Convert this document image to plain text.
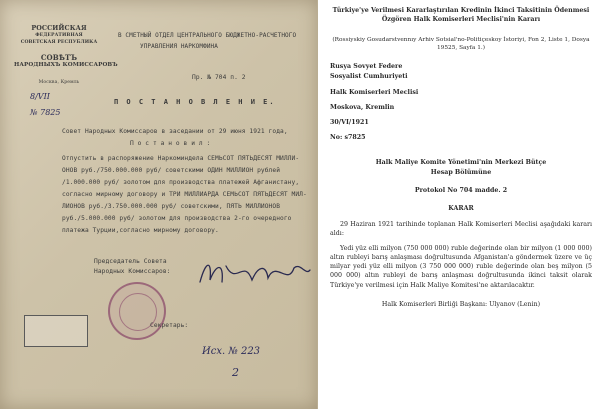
РОССИЙСКАЯ
ФЕДЕРАТИВНАЯ
СОВЕТСКАЯ РЕСПУБЛИКА
СОВѢТЪ
НАРОДНЫХЪ КОМИССАРОВЪ
Москва, Кремль
8/VII
№ 7825
В СМЕТНЫЙ ОТДЕЛ ЦЕНТРАЛЬНОГО БЮДЖЕТНО-РАСЧЕТНОГО
УПРАВЛЕНИЯ НАРКОМФИНА
Пр. № 704 п. 2
П О С Т А Н О В Л Е Н И Е.
Совет Народных Комиссаров в заседании от 29 июня 1921 года,
П о с т а н о в и л :
Отпустить в распоряжение Наркоминдела СЕМЬСОТ ПЯТЬДЕСЯТ МИЛЛИ-
ОНОВ руб./750.000.000 руб/ советскими ОДИН МИЛЛИОН рублей
/1.000.000 руб/ золотом для производства платежей Афганистану,
согласно мирному договору и ТРИ МИЛЛИАРДА СЕМЬСОТ ПЯТЬДЕСЯТ МИЛ-
ЛИОНОВ руб./3.750.000.000 руб/ советскими, ПЯТЬ МИЛЛИОНОВ
руб./5.000.000 руб/ золотом для производства 2-го очередного
платежа Турции,согласно мирному договору.
Председатель Совета
Народных Комиссаров:
Секретарь:
Исх. № 223
2
Türkiye'ye Verilmesi Kararlaştırılan Kredinin İkinci Taksitinin Ödenmesi Özgören Halk Komiserleri Meclisi'nin Kararı
(Rossiyskiy Gosudarstvennıy Arhiv Sotsial'no-Politiçeskoy İstoriyi, Fon 2, Liste 1, Dosya 19525, Sayfa 1.)
Rusya Sovyet Federe
Sosyalist Cumhuriyeti
Halk Komiserleri Meclisi
Moskova, Kremlin
30/VI/1921
No: s7825
Halk Maliye Komite Yönetimi'nin Merkezi Bütçe
Hesap Bölümüne
Protokol No 704 madde. 2
KARAR
29 Haziran 1921 tarihinde toplanan Halk Komiserleri Meclisi aşağıdaki kararı aldı:
Yedi yüz elli milyon (750 000 000) ruble değerinde olan bir milyon (1 000 000) altın rubleyi barış anlaşması doğrultusunda Afganistan'a göndermek üzere ve üç milyar yedi yüz elli milyon (3 750 000 000) ruble değerinde olan beş milyon (5 000 000) altın rubleyi de barış anlaşması doğrultusunda ikinci taksit olarak Türkiye'ye verilmesi için Halk Maliye Komitesi'ne aktarılacaktır.
Halk Komiserleri Birliği Başkanı: Ulyanov (Lenin)
